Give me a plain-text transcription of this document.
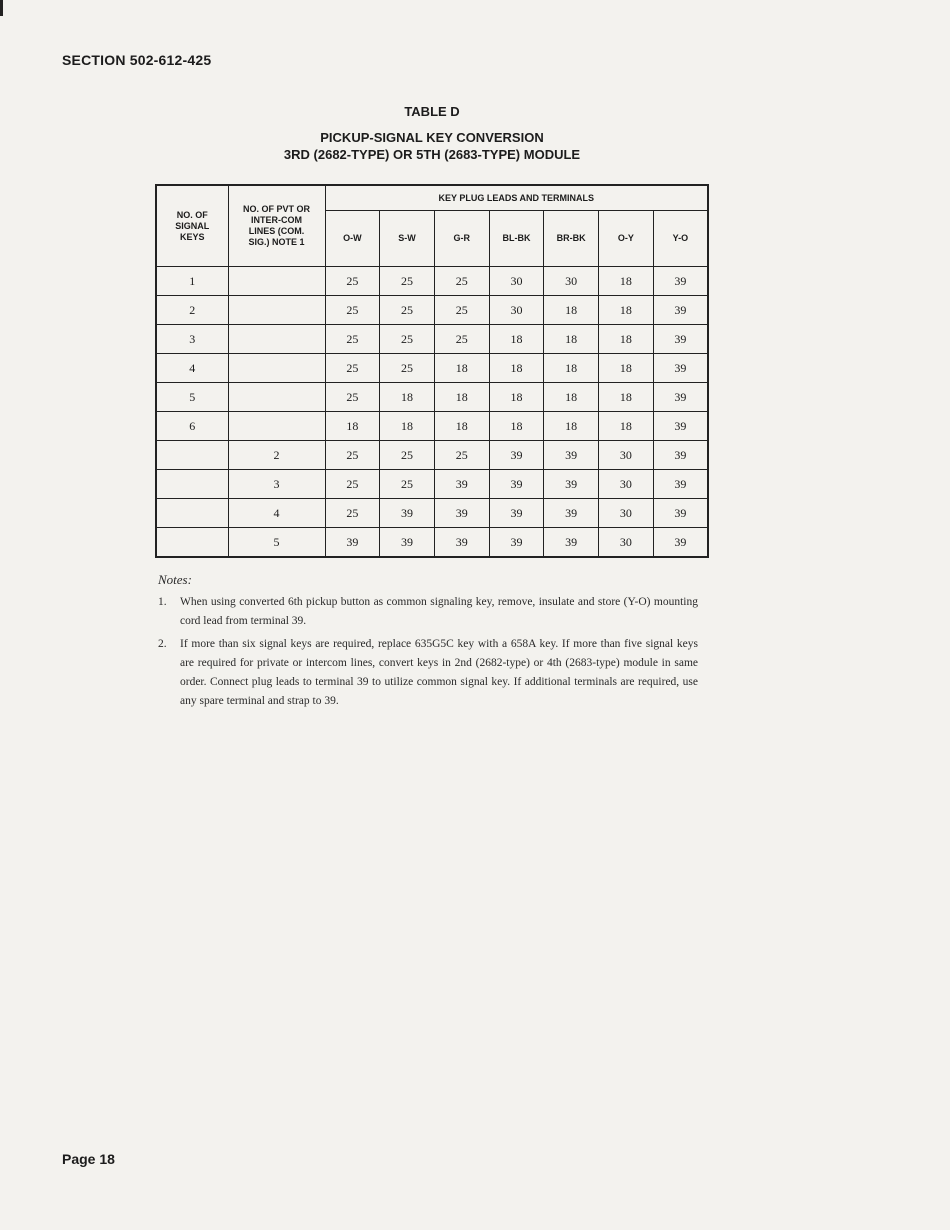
SECTION 502-612-425
TABLE D
PICKUP-SIGNAL KEY CONVERSION
3RD (2682-TYPE) OR 5TH (2683-TYPE) MODULE
NO. OF SIGNAL KEYS	NO. OF PVT OR INTER-COM LINES (COM. SIG.) NOTE 1	KEY PLUG LEADS AND TERMINALS						
		O-W	S-W	G-R	BL-BK	BR-BK	O-Y	Y-O
1		25	25	25	30	30	18	39
2		25	25	25	30	18	18	39
3		25	25	25	18	18	18	39
4		25	25	18	18	18	18	39
5		25	18	18	18	18	18	39
6		18	18	18	18	18	18	39
	2	25	25	25	39	39	30	39
	3	25	25	39	39	39	30	39
	4	25	39	39	39	39	30	39
	5	39	39	39	39	39	30	39
Notes:
1.	When using converted 6th pickup button as common signaling key, remove, insulate and store (Y-O) mounting cord lead from terminal 39.
2.	If more than six signal keys are required, replace 635G5C key with a 658A key. If more than five signal keys are required for private or intercom lines, convert keys in 2nd (2682-type) or 4th (2683-type) module in same order. Connect plug leads to terminal 39 to utilize common signal key. If additional terminals are required, use any spare terminal and strap to 39.
Page 18
